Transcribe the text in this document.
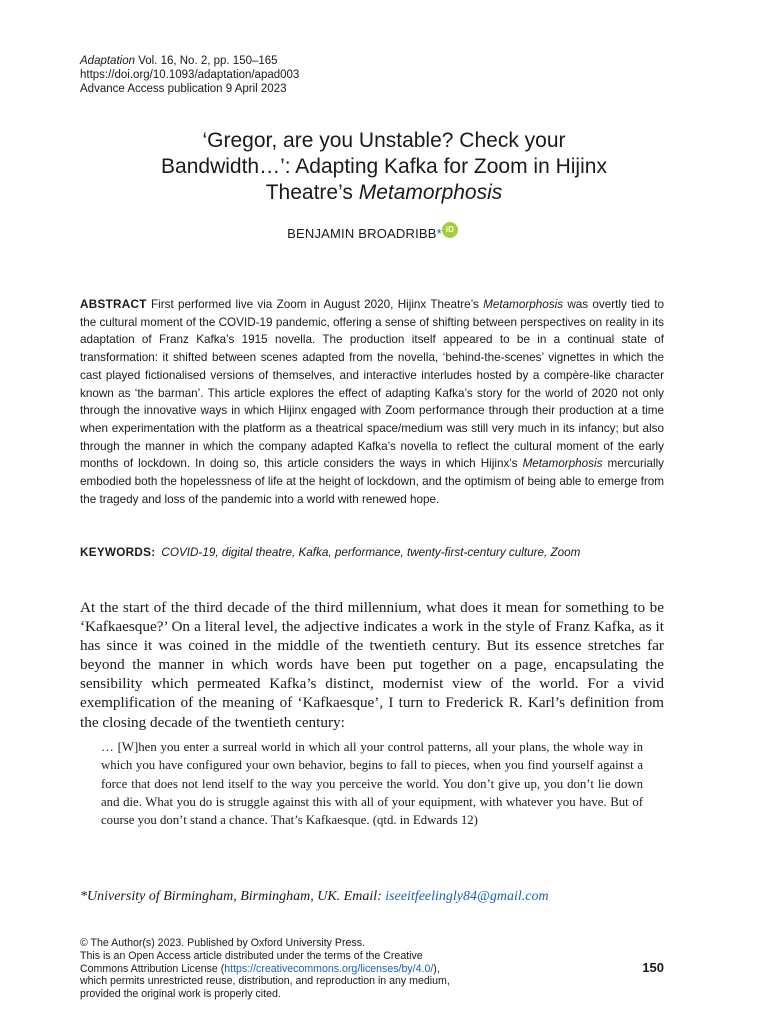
Adaptation Vol. 16, No. 2, pp. 150–165
https://doi.org/10.1093/adaptation/apad003
Advance Access publication 9 April 2023
‘Gregor, are you Unstable? Check your
Bandwidth…’: Adapting Kafka for Zoom in Hijinx
Theatre’s Metamorphosis
BENJAMIN BROADRIBB* iD
ABSTRACT First performed live via Zoom in August 2020, Hijinx Theatre’s Metamorphosis was overtly tied to the cultural moment of the COVID-19 pandemic, offering a sense of shifting between perspectives on reality in its adaptation of Franz Kafka’s 1915 novella. The production itself appeared to be in a continual state of transformation: it shifted between scenes adapted from the novella, ‘behind-the-scenes’ vignettes in which the cast played fictionalised versions of themselves, and interactive interludes hosted by a compère-like character known as ‘the barman’. This article explores the effect of adapting Kafka’s story for the world of 2020 not only through the innovative ways in which Hijinx engaged with Zoom performance through their production at a time when experimentation with the platform as a theatrical space/medium was still very much in its infancy; but also through the manner in which the company adapted Kafka’s novella to reflect the cultural moment of the early months of lockdown. In doing so, this article considers the ways in which Hijinx’s Metamorphosis mercurially embodied both the hopelessness of life at the height of lockdown, and the optimism of being able to emerge from the tragedy and loss of the pandemic into a world with renewed hope.
KEYWORDS: COVID-19, digital theatre, Kafka, performance, twenty-first-century culture, Zoom
At the start of the third decade of the third millennium, what does it mean for something to be ‘Kafkaesque?’ On a literal level, the adjective indicates a work in the style of Franz Kafka, as it has since it was coined in the middle of the twentieth century. But its essence stretches far beyond the manner in which words have been put together on a page, encapsulating the sensibility which permeated Kafka’s distinct, modernist view of the world. For a vivid exemplification of the meaning of ‘Kafkaesque’, I turn to Frederick R. Karl’s definition from the closing decade of the twentieth century:
… [W]hen you enter a surreal world in which all your control patterns, all your plans, the whole way in which you have configured your own behavior, begins to fall to pieces, when you find yourself against a force that does not lend itself to the way you perceive the world. You don’t give up, you don’t lie down and die. What you do is struggle against this with all of your equipment, with whatever you have. But of course you don’t stand a chance. That’s Kafkaesque. (qtd. in Edwards 12)
*University of Birmingham, Birmingham, UK. Email: iseeitfeelingly84@gmail.com
© The Author(s) 2023. Published by Oxford University Press.
This is an Open Access article distributed under the terms of the Creative
Commons Attribution License (https://creativecommons.org/licenses/by/4.0/),
which permits unrestricted reuse, distribution, and reproduction in any medium,
provided the original work is properly cited.
150
